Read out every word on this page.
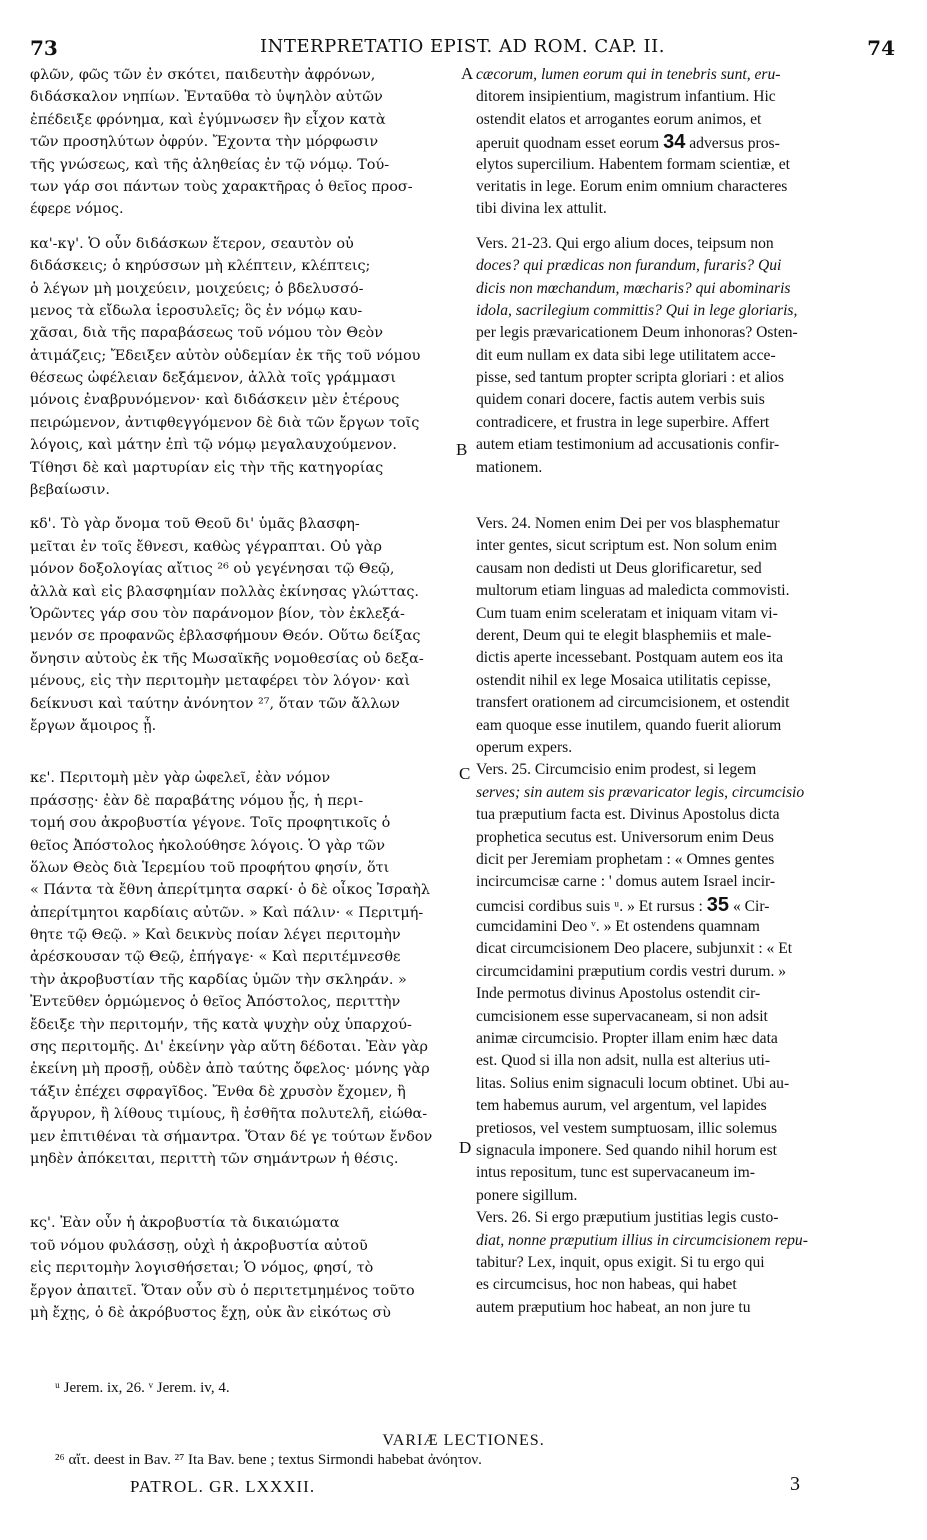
73	INTERPRETATIO EPIST. AD ROM. CAP. II.	74
A
B
C
D
φλῶν, φῶς τῶν ἐν σκότει, παιδευτὴν ἀφρόνων,
διδάσκαλον νηπίων. Ἐνταῦθα τὸ ὑψηλὸν αὐτῶν
ἐπέδειξε φρόνημα, καὶ ἐγύμνωσεν ἣν εἶχον κατὰ
τῶν προσηλύτων ὀφρύν. Ἔχοντα τὴν μόρφωσιν
τῆς γνώσεως, καὶ τῆς ἀληθείας ἐν τῷ νόμῳ. Τού-
των γάρ σοι πάντων τοὺς χαρακτῆρας ὁ θεῖος προσ-
έφερε νόμος.
κα'-κγ'. Ὁ οὖν διδάσκων ἕτερον, σεαυτὸν οὐ
διδάσκεις; ὁ κηρύσσων μὴ κλέπτειν, κλέπτεις;
ὁ λέγων μὴ μοιχεύειν, μοιχεύεις; ὁ βδελυσσό-
μενος τὰ εἴδωλα ἱεροσυλεῖς; ὃς ἐν νόμῳ καυ-
χᾶσαι, διὰ τῆς παραβάσεως τοῦ νόμου τὸν Θεὸν
ἀτιμάζεις; Ἔδειξεν αὐτὸν οὐδεμίαν ἐκ τῆς τοῦ νόμου
θέσεως ὠφέλειαν δεξάμενον, ἀλλὰ τοῖς γράμμασι
μόνοις ἐναβρυνόμενον· καὶ διδάσκειν μὲν ἑτέρους
πειρώμενον, ἀντιφθεγγόμενον δὲ διὰ τῶν ἔργων τοῖς
λόγοις, καὶ μάτην ἐπὶ τῷ νόμῳ μεγαλαυχούμενον.
Τίθησι δὲ καὶ μαρτυρίαν εἰς τὴν τῆς κατηγορίας
βεβαίωσιν.
κδ'. Τὸ γὰρ ὄνομα τοῦ Θεοῦ δι' ὑμᾶς βλασφη-
μεῖται ἐν τοῖς ἔθνεσι, καθὼς γέγραπται. Οὐ γὰρ
μόνον δοξολογίας αἴτιος ²⁶ οὐ γεγένησαι τῷ Θεῷ,
ἀλλὰ καὶ εἰς βλασφημίαν πολλὰς ἐκίνησας γλώττας.
Ὁρῶντες γάρ σου τὸν παράνομον βίον, τὸν ἐκλεξά-
μενόν σε προφανῶς ἐβλασφήμουν Θεόν. Οὕτω δείξας
ὄνησιν αὐτοὺς ἐκ τῆς Μωσαϊκῆς νομοθεσίας οὐ δεξα-
μένους, εἰς τὴν περιτομὴν μεταφέρει τὸν λόγον· καὶ
δείκνυσι καὶ ταύτην ἀνόνητον ²⁷, ὅταν τῶν ἄλλων
ἔργων ἄμοιρος ᾖ.
κε'. Περιτομὴ μὲν γὰρ ὠφελεῖ, ἐὰν νόμον
πράσσῃς· ἐὰν δὲ παραβάτης νόμου ᾖς, ἡ περι-
τομή σου ἀκροβυστία γέγονε. Τοῖς προφητικοῖς ὁ
θεῖος Ἀπόστολος ἠκολούθησε λόγοις. Ὁ γὰρ τῶν
ὅλων Θεὸς διὰ Ἱερεμίου τοῦ προφήτου φησίν, ὅτι
« Πάντα τὰ ἔθνη ἀπερίτμητα σαρκί· ὁ δὲ οἶκος Ἰσραὴλ
ἀπερίτμητοι καρδίαις αὐτῶν. » Καὶ πάλιν· « Περιτμή-
θητε τῷ Θεῷ. » Καὶ δεικνὺς ποίαν λέγει περιτομὴν
ἀρέσκουσαν τῷ Θεῷ, ἐπήγαγε· « Καὶ περιτέμνεσθε
τὴν ἀκροβυστίαν τῆς καρδίας ὑμῶν τὴν σκληράν. »
Ἐντεῦθεν ὁρμώμενος ὁ θεῖος Ἀπόστολος, περιττὴν
ἔδειξε τὴν περιτομήν, τῆς κατὰ ψυχὴν οὐχ ὑπαρχού-
σης περιτομῆς. Δι' ἐκείνην γὰρ αὕτη δέδοται. Ἐὰν γὰρ
ἐκείνη μὴ προσῇ, οὐδὲν ἀπὸ ταύτης ὄφελος· μόνης γὰρ
τάξιν ἐπέχει σφραγῖδος. Ἔνθα δὲ χρυσὸν ἔχομεν, ἢ
ἄργυρον, ἢ λίθους τιμίους, ἢ ἐσθῆτα πολυτελῆ, εἰώθα-
μεν ἐπιτιθέναι τὰ σήμαντρα. Ὅταν δέ γε τούτων ἔνδον
μηδὲν ἀπόκειται, περιττὴ τῶν σημάντρων ἡ θέσις.
κς'. Ἐὰν οὖν ἡ ἀκροβυστία τὰ δικαιώματα
τοῦ νόμου φυλάσσῃ, οὐχὶ ἡ ἀκροβυστία αὐτοῦ
εἰς περιτομὴν λογισθήσεται; Ὁ νόμος, φησί, τὸ
ἔργον ἀπαιτεῖ. Ὅταν οὖν σὺ ὁ περιτετμημένος τοῦτο
μὴ ἔχῃς, ὁ δὲ ἀκρόβυστος ἔχῃ, οὐκ ἂν εἰκότως σὺ
cæcorum, lumen eorum qui in tenebris sunt, eru-
ditorem insipientium, magistrum infantium. Hic
ostendit elatos et arrogantes eorum animos, et
aperuit quodnam esset eorum 34 adversus pros-
elytos supercilium. Habentem formam scientiæ, et
veritatis in lege. Eorum enim omnium characteres
tibi divina lex attulit.
Vers. 21-23. Qui ergo alium doces, teipsum non
doces? qui prædicas non furandum, furaris? Qui
dicis non mœchandum, mœcharis? qui abominaris
idola, sacrilegium committis? Qui in lege gloriaris,
per legis prævaricationem Deum inhonoras? Osten-
dit eum nullam ex data sibi lege utilitatem acce-
pisse, sed tantum propter scripta gloriari : et alios
quidem conari docere, factis autem verbis suis
contradicere, et frustra in lege superbire. Affert
autem etiam testimonium ad accusationis confir-
mationem.
Vers. 24. Nomen enim Dei per vos blasphematur
inter gentes, sicut scriptum est. Non solum enim
causam non dedisti ut Deus glorificaretur, sed
multorum etiam linguas ad maledicta commovisti.
Cum tuam enim sceleratam et iniquam vitam vi-
derent, Deum qui te elegit blasphemiis et male-
dictis aperte incessebant. Postquam autem eos ita
ostendit nihil ex lege Mosaica utilitatis cepisse,
transfert orationem ad circumcisionem, et ostendit
eam quoque esse inutilem, quando fuerit aliorum
operum expers.
Vers. 25. Circumcisio enim prodest, si legem
serves; sin autem sis prævaricator legis, circumcisio
tua præputium facta est. Divinus Apostolus dicta
prophetica secutus est. Universorum enim Deus
dicit per Jeremiam prophetam : « Omnes gentes
incircumcisæ carne : ' domus autem Israel incir-
cumcisi cordibus suis ᵘ. » Et rursus : 35 « Cir-
cumcidamini Deo ᵛ. » Et ostendens quamnam
dicat circumcisionem Deo placere, subjunxit : « Et
circumcidamini præputium cordis vestri durum. »
Inde permotus divinus Apostolus ostendit cir-
cumcisionem esse supervacaneam, si non adsit
animæ circumcisio. Propter illam enim hæc data
est. Quod si illa non adsit, nulla est alterius uti-
litas. Solius enim signaculi locum obtinet. Ubi au-
tem habemus aurum, vel argentum, vel lapides
pretiosos, vel vestem sumptuosam, illic solemus
signacula imponere. Sed quando nihil horum est
intus repositum, tunc est supervacaneum im-
ponere sigillum.
Vers. 26. Si ergo præputium justitias legis custo-
diat, nonne præputium illius in circumcisionem repu-
tabitur? Lex, inquit, opus exigit. Si tu ergo qui
es circumcisus, hoc non habeas, qui habet
autem præputium hoc habeat, an non jure tu
ᵘ Jerem. ix, 26. ᵛ Jerem. iv, 4.
VARIÆ LECTIONES.
²⁶ αἴτ. deest in Bav. ²⁷ Ita Bav. bene ; textus Sirmondi habebat ἀνόητον.
PATROL. GR. LXXXII.	3
